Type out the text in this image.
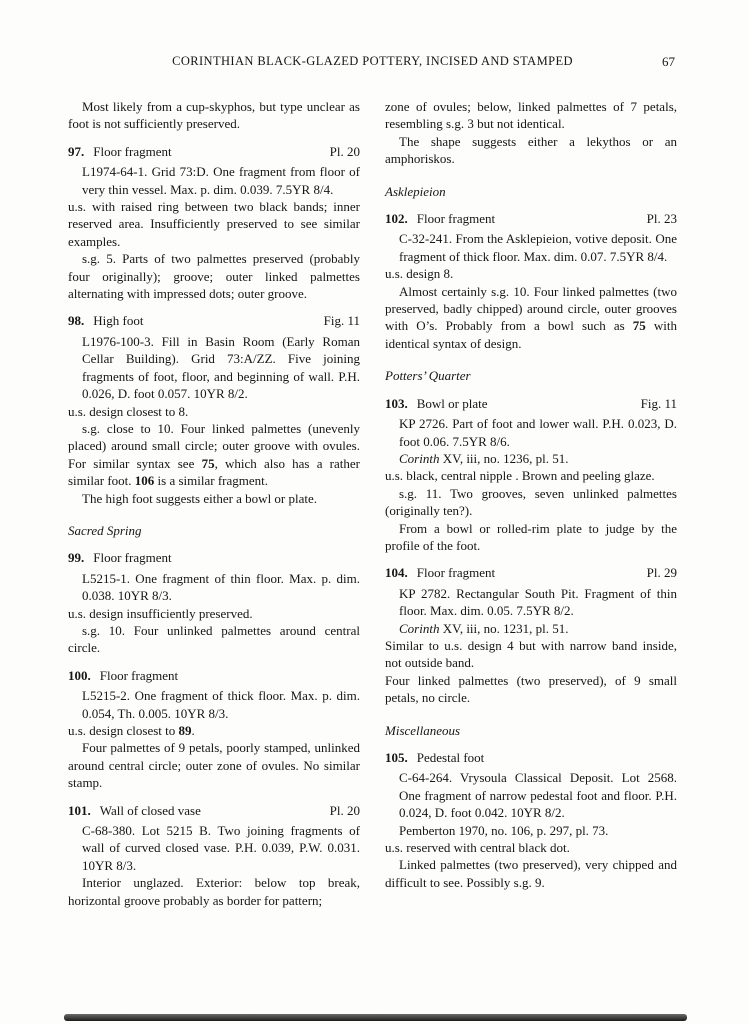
CORINTHIAN BLACK-GLAZED POTTERY, INCISED AND STAMPED	67

Most likely from a cup-skyphos, but type unclear as foot is not sufficiently preserved.

97. Floor fragment	Pl. 20

L1974-64-1. Grid 73:D. One fragment from floor of very thin vessel. Max. p. dim. 0.039. 7.5YR 8/4.

u.s. with raised ring between two black bands; inner reserved area. Insufficiently preserved to see similar examples.

s.g. 5. Parts of two palmettes preserved (probably four originally); groove; outer linked palmettes alternating with impressed dots; outer groove.

98. High foot	Fig. 11

L1976-100-3. Fill in Basin Room (Early Roman Cellar Building). Grid 73:A/ZZ. Five joining fragments of foot, floor, and beginning of wall. P.H. 0.026, D. foot 0.057. 10YR 8/2.

u.s. design closest to 8.

s.g. close to 10. Four linked palmettes (unevenly placed) around small circle; outer groove with ovules. For similar syntax see 75, which also has a rather similar foot. 106 is a similar fragment.

The high foot suggests either a bowl or plate.

Sacred Spring
99. Floor fragment

L5215-1. One fragment of thin floor. Max. p. dim. 0.038. 10YR 8/3.

u.s. design insufficiently preserved.

s.g. 10. Four unlinked palmettes around central circle.

100. Floor fragment

L5215-2. One fragment of thick floor. Max. p. dim. 0.054, Th. 0.005. 10YR 8/3.

u.s. design closest to 89.

Four palmettes of 9 petals, poorly stamped, unlinked around central circle; outer zone of ovules. No similar stamp.

101. Wall of closed vase	Pl. 20

C-68-380. Lot 5215 B. Two joining fragments of wall of curved closed vase. P.H. 0.039, P.W. 0.031. 10YR 8/3.

Interior unglazed. Exterior: below top break, horizontal groove probably as border for pattern;

zone of ovules; below, linked palmettes of 7 petals, resembling s.g. 3 but not identical.

The shape suggests either a lekythos or an amphoriskos.

Asklepieion
102. Floor fragment	Pl. 23

C-32-241. From the Asklepieion, votive deposit. One fragment of thick floor. Max. dim. 0.07. 7.5YR 8/4.

u.s. design 8.

Almost certainly s.g. 10. Four linked palmettes (two preserved, badly chipped) around circle, outer grooves with O’s. Probably from a bowl such as 75 with identical syntax of design.

Potters’ Quarter
103. Bowl or plate	Fig. 11

KP 2726. Part of foot and lower wall. P.H. 0.023, D. foot 0.06. 7.5YR 8/6.

Corinth XV, iii, no. 1236, pl. 51.

u.s. black, central nipple . Brown and peeling glaze.

s.g. 11. Two grooves, seven unlinked palmettes (originally ten?).

From a bowl or rolled-rim plate to judge by the profile of the foot.

104. Floor fragment	Pl. 29

KP 2782. Rectangular South Pit. Fragment of thin floor. Max. dim. 0.05. 7.5YR 8/2.

Corinth XV, iii, no. 1231, pl. 51.

Similar to u.s. design 4 but with narrow band inside, not outside band.

Four linked palmettes (two preserved), of 9 small petals, no circle.

Miscellaneous
105. Pedestal foot

C-64-264. Vrysoula Classical Deposit. Lot 2568. One fragment of narrow pedestal foot and floor. P.H. 0.024, D. foot 0.042. 10YR 8/2.

Pemberton 1970, no. 106, p. 297, pl. 73.

u.s. reserved with central black dot.

Linked palmettes (two preserved), very chipped and difficult to see. Possibly s.g. 9.
